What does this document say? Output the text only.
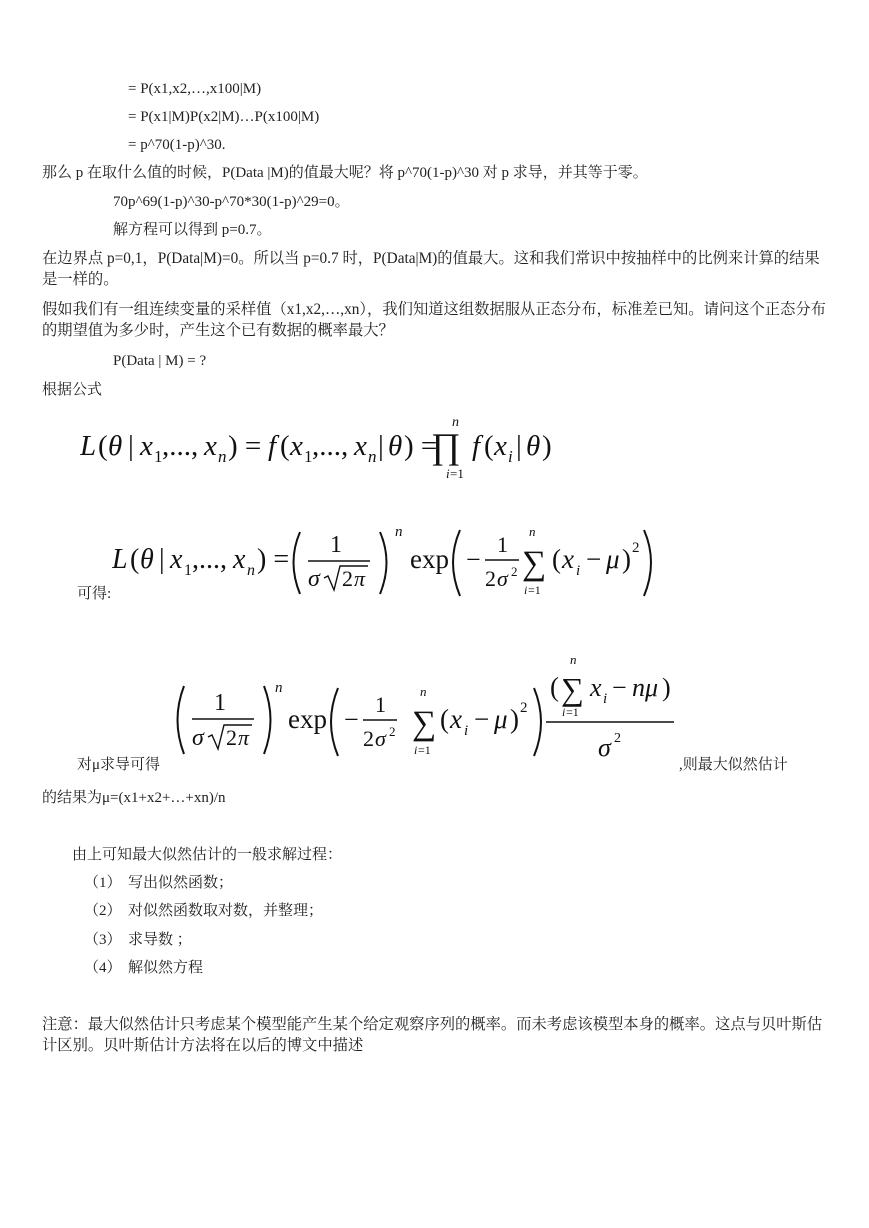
= P(x1,x2,…,x100|M)
= P(x1|M)P(x2|M)…P(x100|M)
= p^70(1-p)^30.
那么 p 在取什么值的时候，P(Data |M)的值最大呢？将 p^70(1-p)^30 对 p 求导，并其等于零。
70p^69(1-p)^30-p^70*30(1-p)^29=0。
解方程可以得到 p=0.7。
在边界点 p=0,1，P(Data|M)=0。所以当 p=0.7 时，P(Data|M)的值最大。这和我们常识中按抽样中的比例来计算的结果是一样的。
假如我们有一组连续变量的采样值（x1,x2,…,xn），我们知道这组数据服从正态分布，标准差已知。请问这个正态分布的期望值为多少时，产生这个已有数据的概率最大？
P(Data | M) = ?
根据公式
L ( θ | x 1 ,..., x n ) = f ( x 1 ,..., x n | θ ) =
n
∏
i =1
f ( x i | θ )
L ( θ | x 1 ,..., x n ) = 1
σ 2 π
n
exp −
1
2 σ 2
n
∑
i =1
( x i − μ ) 2
可得:
1
σ 2 π
n
exp −
1
2 σ 2
n
∑
i =1
( x i − μ ) 2
(
n
∑
i =1
x i − nμ )
σ 2
对μ求导可得	,则最大似然估计
的结果为μ=(x1+x2+…+xn)/n
由上可知最大似然估计的一般求解过程：
（1） 写出似然函数；
（2） 对似然函数取对数，并整理；
（3） 求导数 ；
（4） 解似然方程
注意：最大似然估计只考虑某个模型能产生某个给定观察序列的概率。而未考虑该模型本身的概率。这点与贝叶斯估计区别。贝叶斯估计方法将在以后的博文中描述
